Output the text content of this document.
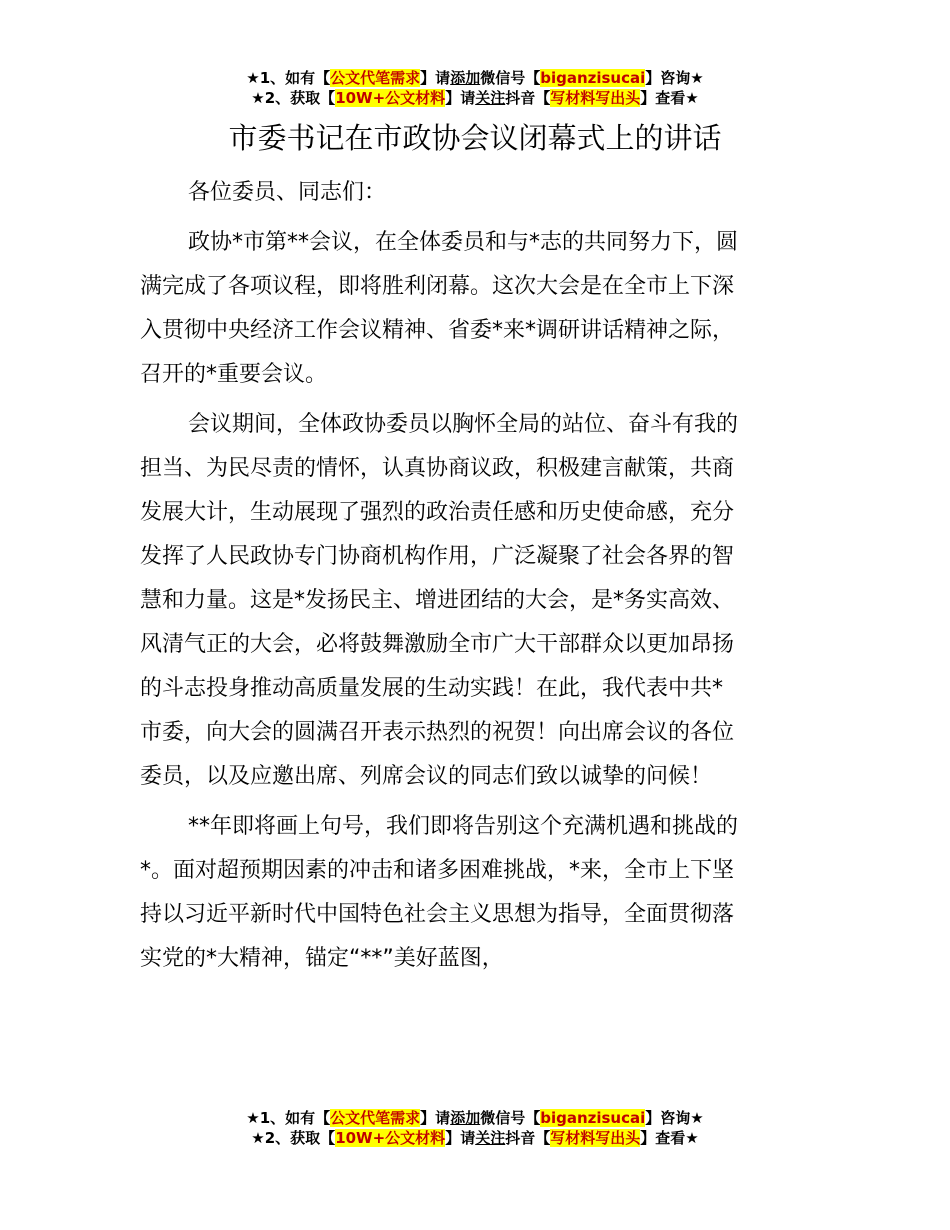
★1、如有【公文代笔需求】请添加微信号【biganzisucai】咨询★
★2、获取【10W+公文材料】请关注抖音【写材料写出头】查看★
市委书记在市政协会议闭幕式上的讲话

各位委员、同志们：

政协*市第**会议，在全体委员和与*志的共同努力下，圆
满完成了各项议程，即将胜利闭幕。这次大会是在全市上下深
入贯彻中央经济工作会议精神、省委*来*调研讲话精神之际，
召开的*重要会议。

会议期间，全体政协委员以胸怀全局的站位、奋斗有我的
担当、为民尽责的情怀，认真协商议政，积极建言献策，共商
发展大计，生动展现了强烈的政治责任感和历史使命感，充分
发挥了人民政协专门协商机构作用，广泛凝聚了社会各界的智
慧和力量。这是*发扬民主、增进团结的大会，是*务实高效、
风清气正的大会，必将鼓舞激励全市广大干部群众以更加昂扬
的斗志投身推动高质量发展的生动实践！在此，我代表中共*
市委，向大会的圆满召开表示热烈的祝贺！向出席会议的各位
委员，以及应邀出席、列席会议的同志们致以诚挚的问候！

**年即将画上句号，我们即将告别这个充满机遇和挑战的
*。面对超预期因素的冲击和诸多困难挑战，*来，全市上下坚
持以习近平新时代中国特色社会主义思想为指导，全面贯彻落
实党的*大精神，锚定“**”美好蓝图，

★1、如有【公文代笔需求】请添加微信号【biganzisucai】咨询★
★2、获取【10W+公文材料】请关注抖音【写材料写出头】查看★
